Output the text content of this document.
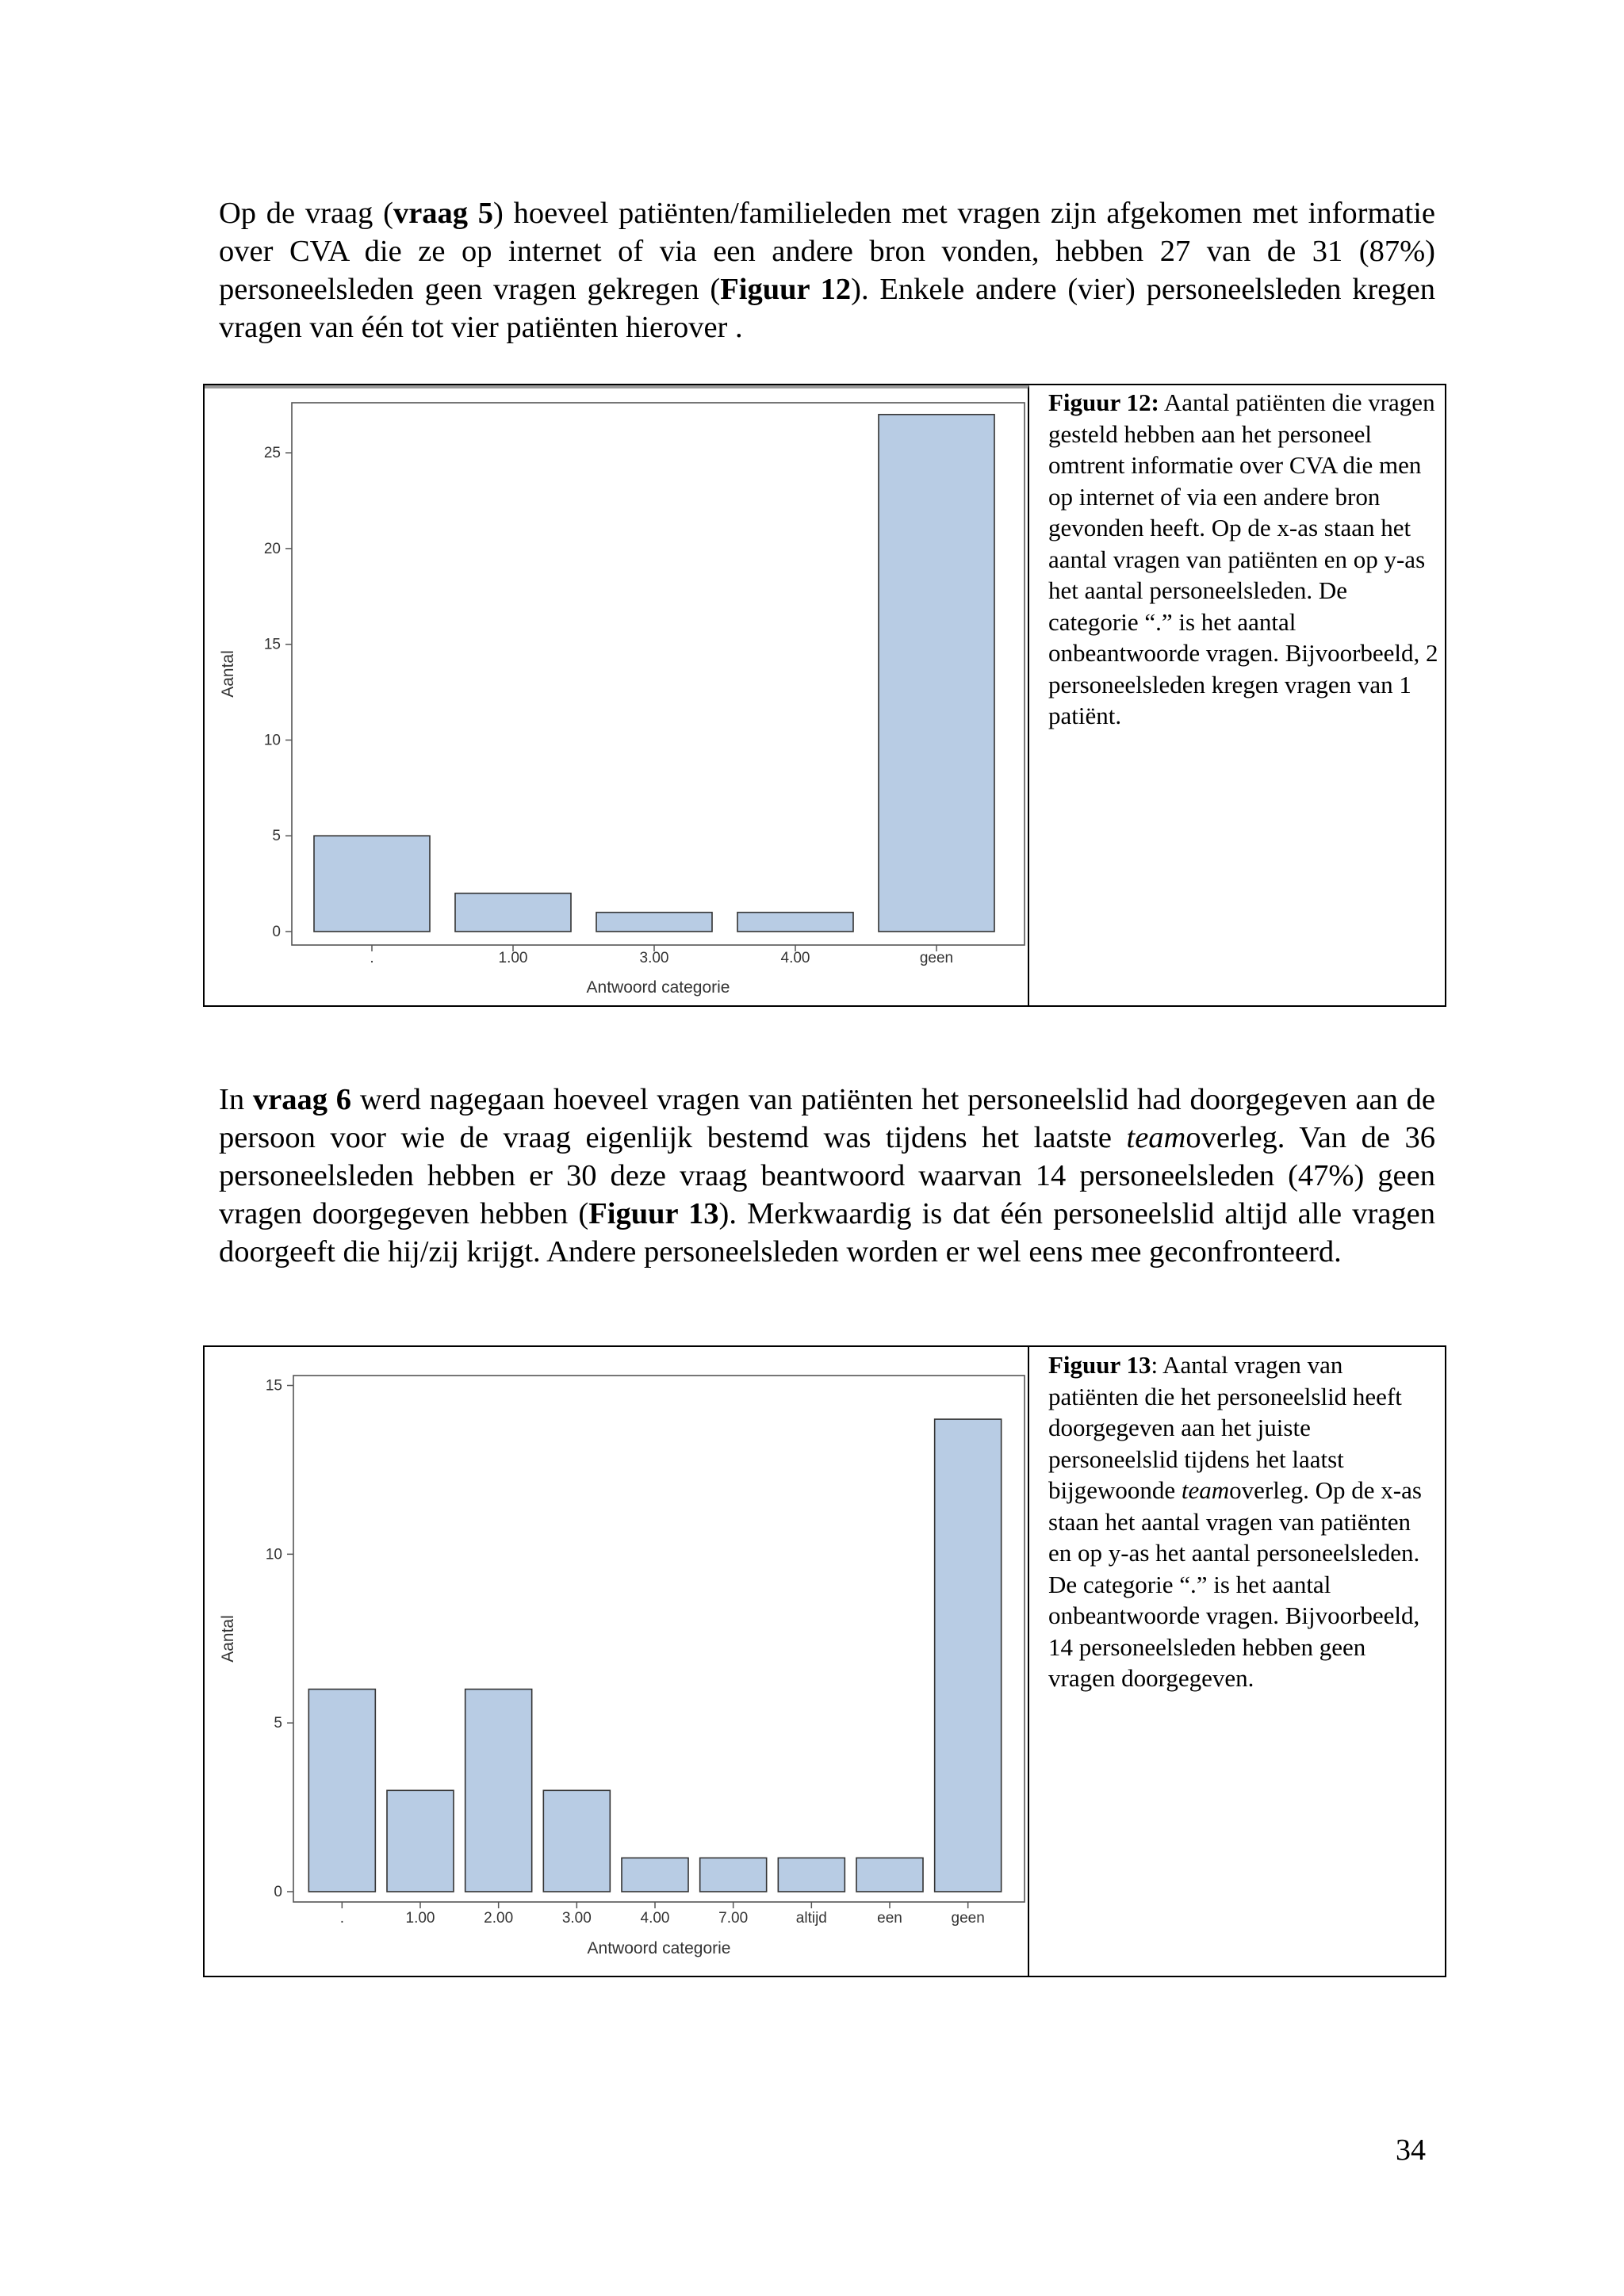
Op de vraag (vraag 5) hoeveel patiënten/familieleden met vragen zijn afgekomen met informatie over CVA die ze op internet of via een andere bron vonden, hebben 27 van de 31 (87%) personeelsleden geen vragen gekregen (Figuur 12). Enkele andere (vier) personeelsleden kregen vragen van één tot vier patiënten hierover .

0
5
10
15
20
25
.	1.00	3.00	4.00	geen
Antwoord categorie
Aantal
Figuur 12: Aantal patiënten die vragen gesteld hebben aan het personeel omtrent informatie over CVA die men op internet of via een andere bron gevonden heeft. Op de x-as staan het aantal vragen van patiënten en op y-as het aantal personeelsleden. De categorie “.” is het aantal onbeantwoorde vragen. Bijvoorbeeld, 2 personeelsleden kregen vragen van 1 patiënt.

In vraag 6 werd nagegaan hoeveel vragen van patiënten het personeelslid had doorgegeven aan de persoon voor wie de vraag eigenlijk bestemd was tijdens het laatste teamoverleg. Van de 36 personeelsleden hebben er 30 deze vraag beantwoord waarvan 14 personeelsleden (47%) geen vragen doorgegeven hebben (Figuur 13). Merkwaardig is dat één personeelslid altijd alle vragen doorgeeft die hij/zij krijgt. Andere personeelsleden worden er wel eens mee geconfronteerd.

0
5
10
15
.	1.00	2.00	3.00	4.00	7.00	altijd	een	geen
Antwoord categorie
Aantal
Figuur 13: Aantal vragen van patiënten die het personeelslid heeft doorgegeven aan het juiste personeelslid tijdens het laatst bijgewoonde teamoverleg. Op de x-as staan het aantal vragen van patiënten en op y-as het aantal personeelsleden. De categorie “.” is het aantal onbeantwoorde vragen. Bijvoorbeeld, 14 personeelsleden hebben geen vragen doorgegeven.
34
